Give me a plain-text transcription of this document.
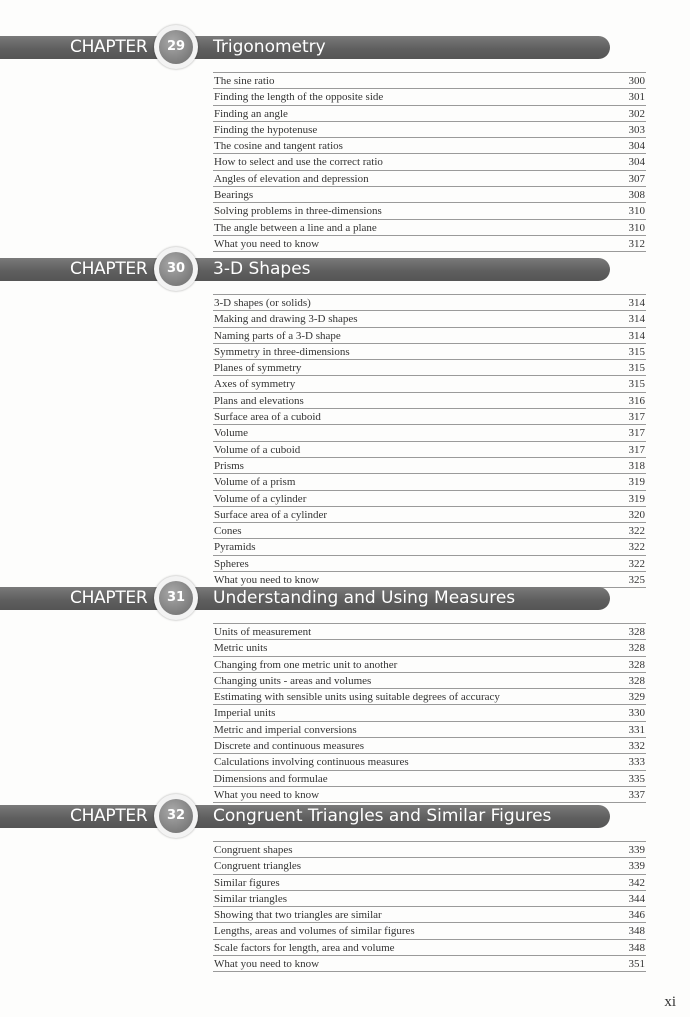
CHAPTER	29	Trigonometry
The sine ratio	300
Finding the length of the opposite side	301
Finding an angle	302
Finding the hypotenuse	303
The cosine and tangent ratios	304
How to select and use the correct ratio	304
Angles of elevation and depression	307
Bearings	308
Solving problems in three-dimensions	310
The angle between a line and a plane	310
What you need to know	312
CHAPTER	30	3-D Shapes
3-D shapes (or solids)	314
Making and drawing 3-D shapes	314
Naming parts of a 3-D shape	314
Symmetry in three-dimensions	315
Planes of symmetry	315
Axes of symmetry	315
Plans and elevations	316
Surface area of a cuboid	317
Volume	317
Volume of a cuboid	317
Prisms	318
Volume of a prism	319
Volume of a cylinder	319
Surface area of a cylinder	320
Cones	322
Pyramids	322
Spheres	322
What you need to know	325
CHAPTER	31	Understanding and Using Measures
Units of measurement	328
Metric units	328
Changing from one metric unit to another	328
Changing units - areas and volumes	328
Estimating with sensible units using suitable degrees of accuracy	329
Imperial units	330
Metric and imperial conversions	331
Discrete and continuous measures	332
Calculations involving continuous measures	333
Dimensions and formulae	335
What you need to know	337
CHAPTER	32	Congruent Triangles and Similar Figures
Congruent shapes	339
Congruent triangles	339
Similar figures	342
Similar triangles	344
Showing that two triangles are similar	346
Lengths, areas and volumes of similar figures	348
Scale factors for length, area and volume	348
What you need to know	351
xi
